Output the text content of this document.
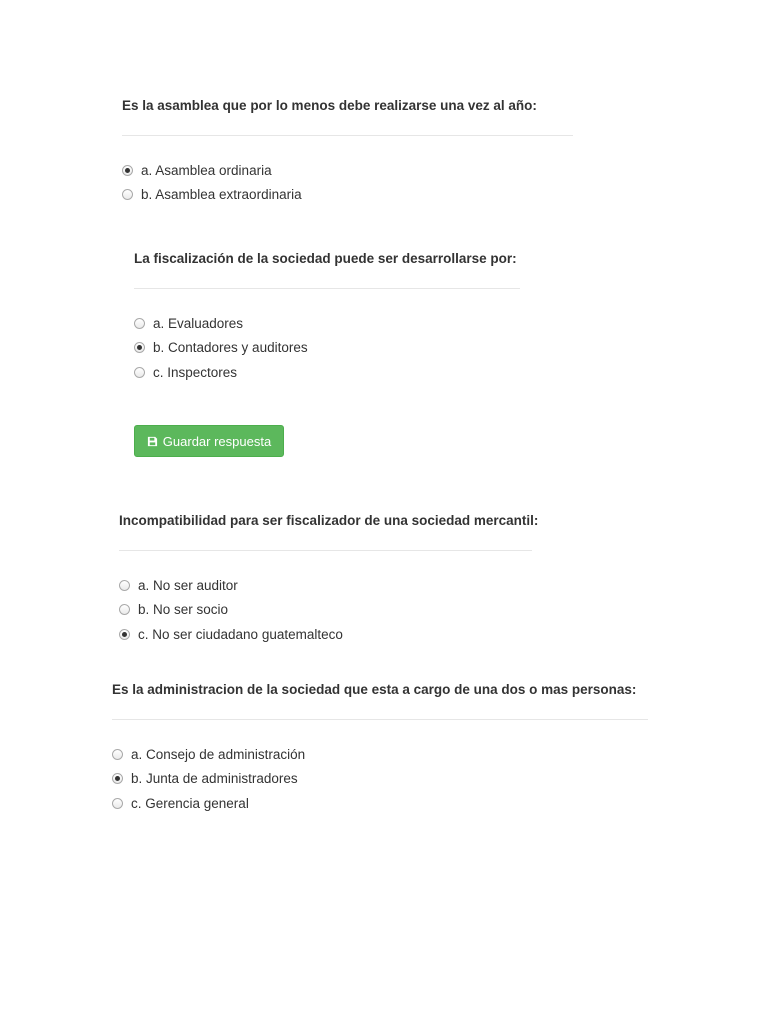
Es la asamblea que por lo menos debe realizarse una vez al año:
a. Asamblea ordinaria
b. Asamblea extraordinaria
La fiscalización de la sociedad puede ser desarrollarse por:
a. Evaluadores
b. Contadores y auditores
c. Inspectores
Guardar respuesta
Incompatibilidad para ser fiscalizador de una sociedad mercantil:
a. No ser auditor
b. No ser socio
c. No ser ciudadano guatemalteco
Es la administracion de la sociedad que esta a cargo de una dos o mas personas:
a. Consejo de administración
b. Junta de administradores
c. Gerencia general
